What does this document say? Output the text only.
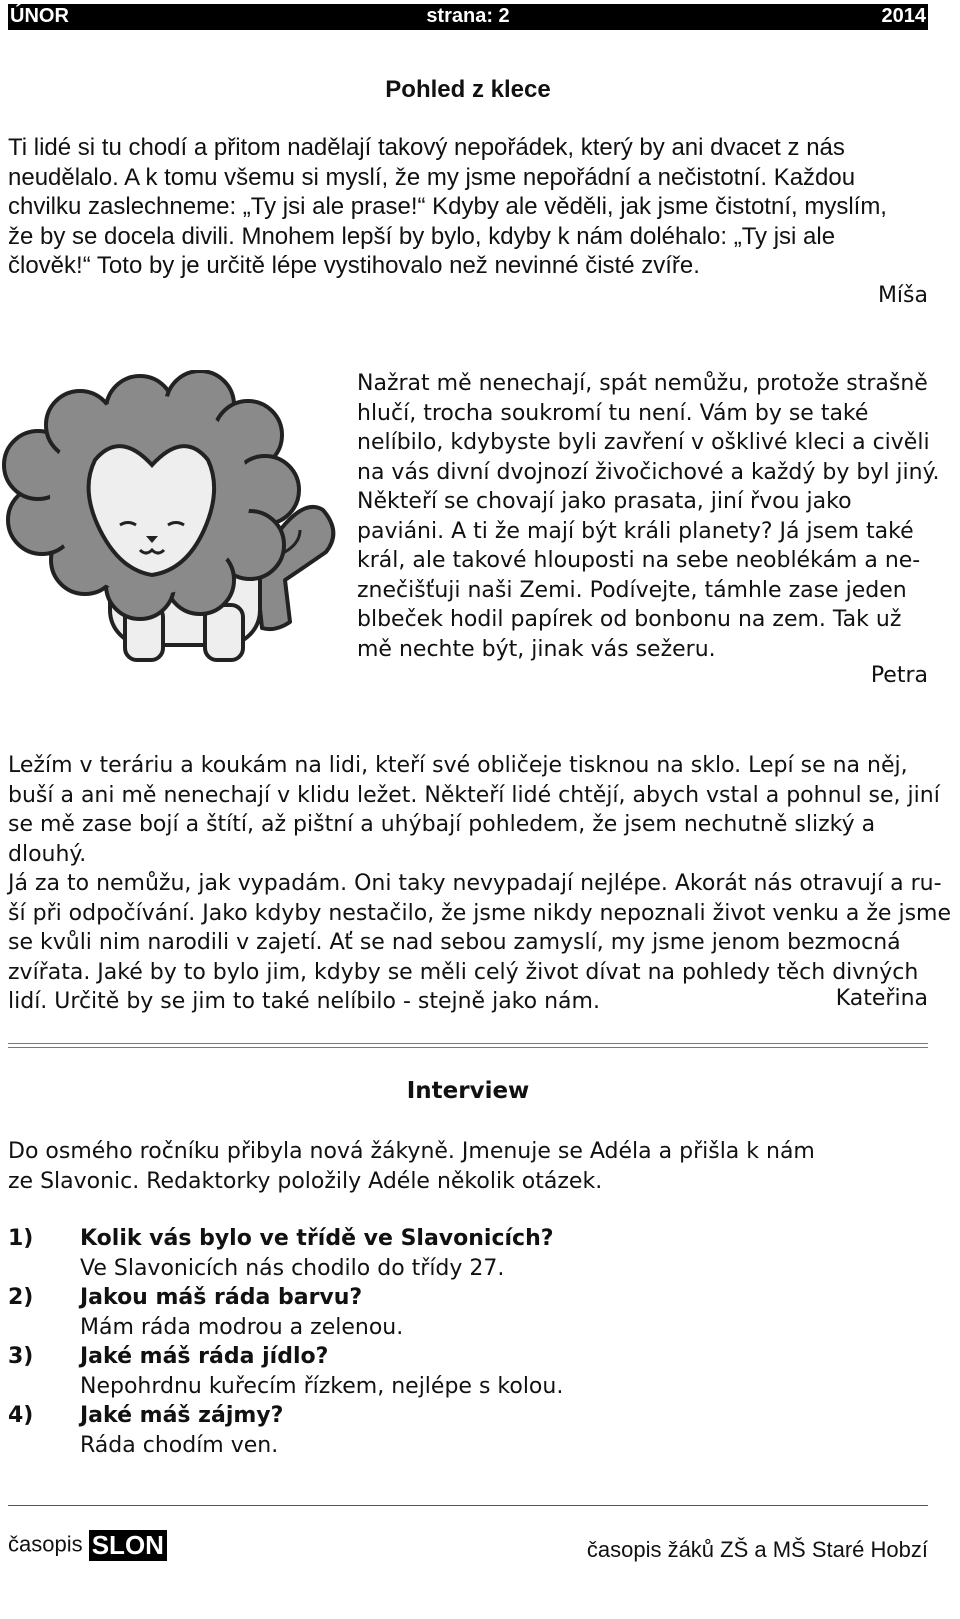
ÚNOR	strana: 2	2014
Pohled z klece
Ti lidé si tu chodí a přitom nadělají takový nepořádek, který by ani dvacet z nás
neudělalo. A k tomu všemu si myslí, že my jsme nepořádní a nečistotní. Každou
chvilku zaslechneme: „Ty jsi ale prase!“ Kdyby ale věděli, jak jsme čistotní, myslím,
že by se docela divili. Mnohem lepší by bylo, kdyby k nám doléhalo: „Ty jsi ale
člověk!“ Toto by je určitě lépe vystihovalo než nevinné čisté zvíře.
Míša
Nažrat mě nenechají, spát nemůžu, protože strašně
hlučí, trocha soukromí tu není. Vám by se také
nelíbilo, kdybyste byli zavření v ošklivé kleci a civěli
na vás divní dvojnozí živočichové a každý by byl jiný.
Někteří se chovají jako prasata, jiní řvou jako
paviáni. A ti že mají být králi planety? Já jsem také
král, ale takové hlouposti na sebe neoblékám a ne-
znečišťuji naši Zemi. Podívejte, támhle zase jeden
blbeček hodil papírek od bonbonu na zem. Tak už
mě nechte být, jinak vás sežeru.
Petra
Ležím v teráriu a koukám na lidi, kteří své obličeje tisknou na sklo. Lepí se na něj,
buší a ani mě nenechají v klidu ležet. Někteří lidé chtějí, abych vstal a pohnul se, jiní
se mě zase bojí a štítí, až pištní a uhýbají pohledem, že jsem nechutně slizký a dlouhý.
Já za to nemůžu, jak vypadám. Oni taky nevypadají nejlépe. Akorát nás otravují a ru-
ší při odpočívání. Jako kdyby nestačilo, že jsme nikdy nepoznali život venku a že jsme
se kvůli nim narodili v zajetí. Ať se nad sebou zamyslí, my jsme jenom bezmocná
zvířata. Jaké by to bylo jim, kdyby se měli celý život dívat na pohledy těch divných
lidí. Určitě by se jim to také nelíbilo - stejně jako nám.	Kateřina
Interview
Do osmého ročníku přibyla nová žákyně. Jmenuje se Adéla a přišla k nám
ze Slavonic. Redaktorky položily Adéle několik otázek.
1) Kolik vás bylo ve třídě ve Slavonicích?
Ve Slavonicích nás chodilo do třídy 27.
2) Jakou máš ráda barvu?
Mám ráda modrou a zelenou.
3) Jaké máš ráda jídlo?
Nepohrdnu kuřecím řízkem, nejlépe s kolou.
4) Jaké máš zájmy?
Ráda chodím ven.
časopis SLON	časopis žáků ZŠ a MŠ Staré Hobzí
